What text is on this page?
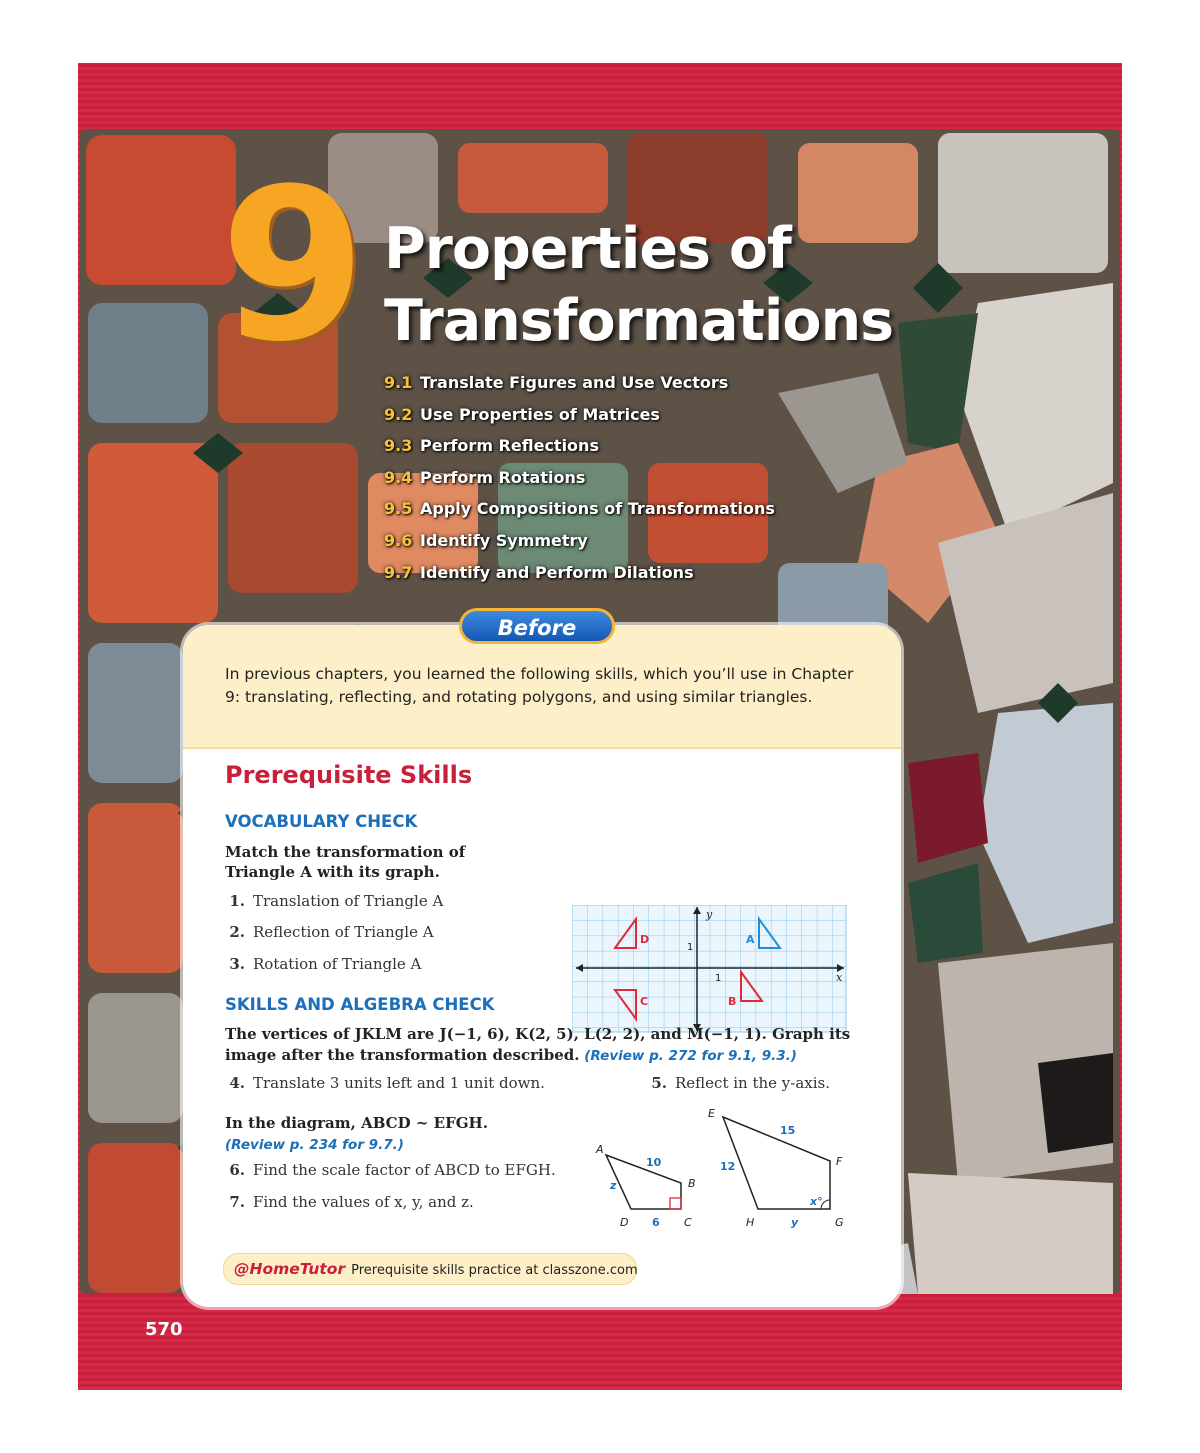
9 Properties of
Transformations
9.1 Translate Figures and Use Vectors
9.2 Use Properties of Matrices
9.3 Perform Reflections
9.4 Perform Rotations
9.5 Apply Compositions of Transformations
9.6 Identify Symmetry
9.7 Identify and Perform Dilations
Before
In previous chapters, you learned the following skills, which you’ll use in Chapter 9: translating, reflecting, and rotating polygons, and using similar triangles.
Prerequisite Skills
VOCABULARY CHECK
Match the transformation of
Triangle A with its graph.
1. Translation of Triangle A
2. Reflection of Triangle A
3. Rotation of Triangle A
y
x
1
1
D	A
C	B
SKILLS AND ALGEBRA CHECK
The vertices of JKLM are J(−1, 6), K(2, 5), L(2, 2), and M(−1, 1). Graph its
image after the transformation described. (Review p. 272 for 9.1, 9.3.)
4. Translate 3 units left and 1 unit down.	5. Reflect in the y-axis.
In the diagram, ABCD ~ EFGH.
(Review p. 234 for 9.7.)
6. Find the scale factor of ABCD to EFGH.
7. Find the values of x, y, and z.
A
B
C
D
10
6
z
E
F
G
H
15
12
y
x°
@HomeTutor Prerequisite skills practice at classzone.com
570
